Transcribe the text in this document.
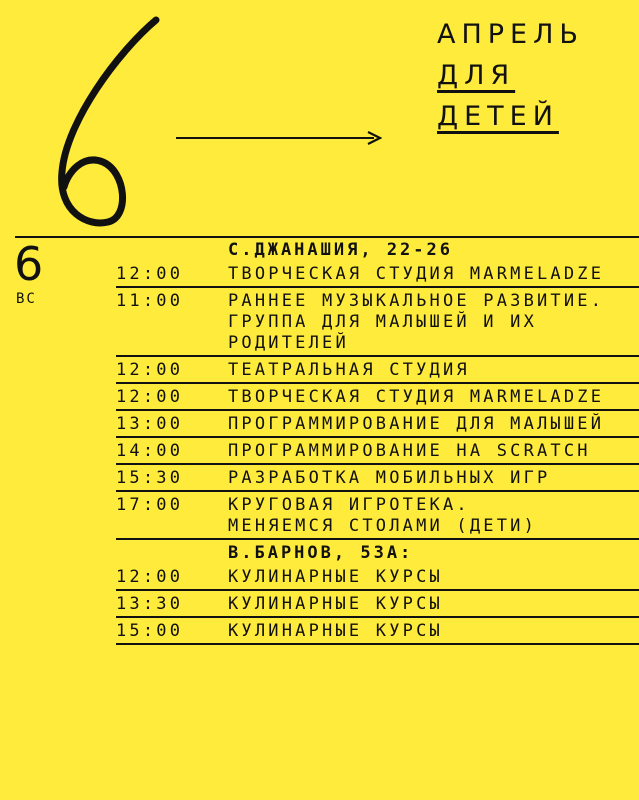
6
АПРЕЛЬ
ДЛЯ
ДЕТЕЙ
6
ВС
С.ДЖАНАШИЯ, 22-26
12:00	ТВОРЧЕСКАЯ СТУДИЯ MARMELADZE
11:00	РАННЕЕ МУЗЫКАЛЬНОЕ РАЗВИТИЕ.
ГРУППА ДЛЯ МАЛЫШЕЙ И ИХ
РОДИТЕЛЕЙ
12:00	ТЕАТРАЛЬНАЯ СТУДИЯ
12:00	ТВОРЧЕСКАЯ СТУДИЯ MARMELADZE
13:00	ПРОГРАММИРОВАНИЕ ДЛЯ МАЛЫШЕЙ
14:00	ПРОГРАММИРОВАНИЕ НА SCRATCH
15:30	РАЗРАБОТКА МОБИЛЬНЫХ ИГР
17:00	КРУГОВАЯ ИГРОТЕКА.
МЕНЯЕМСЯ СТОЛАМИ (ДЕТИ)
В.БАРНОВ, 53А:
12:00	КУЛИНАРНЫЕ КУРСЫ
13:30	КУЛИНАРНЫЕ КУРСЫ
15:00	КУЛИНАРНЫЕ КУРСЫ
